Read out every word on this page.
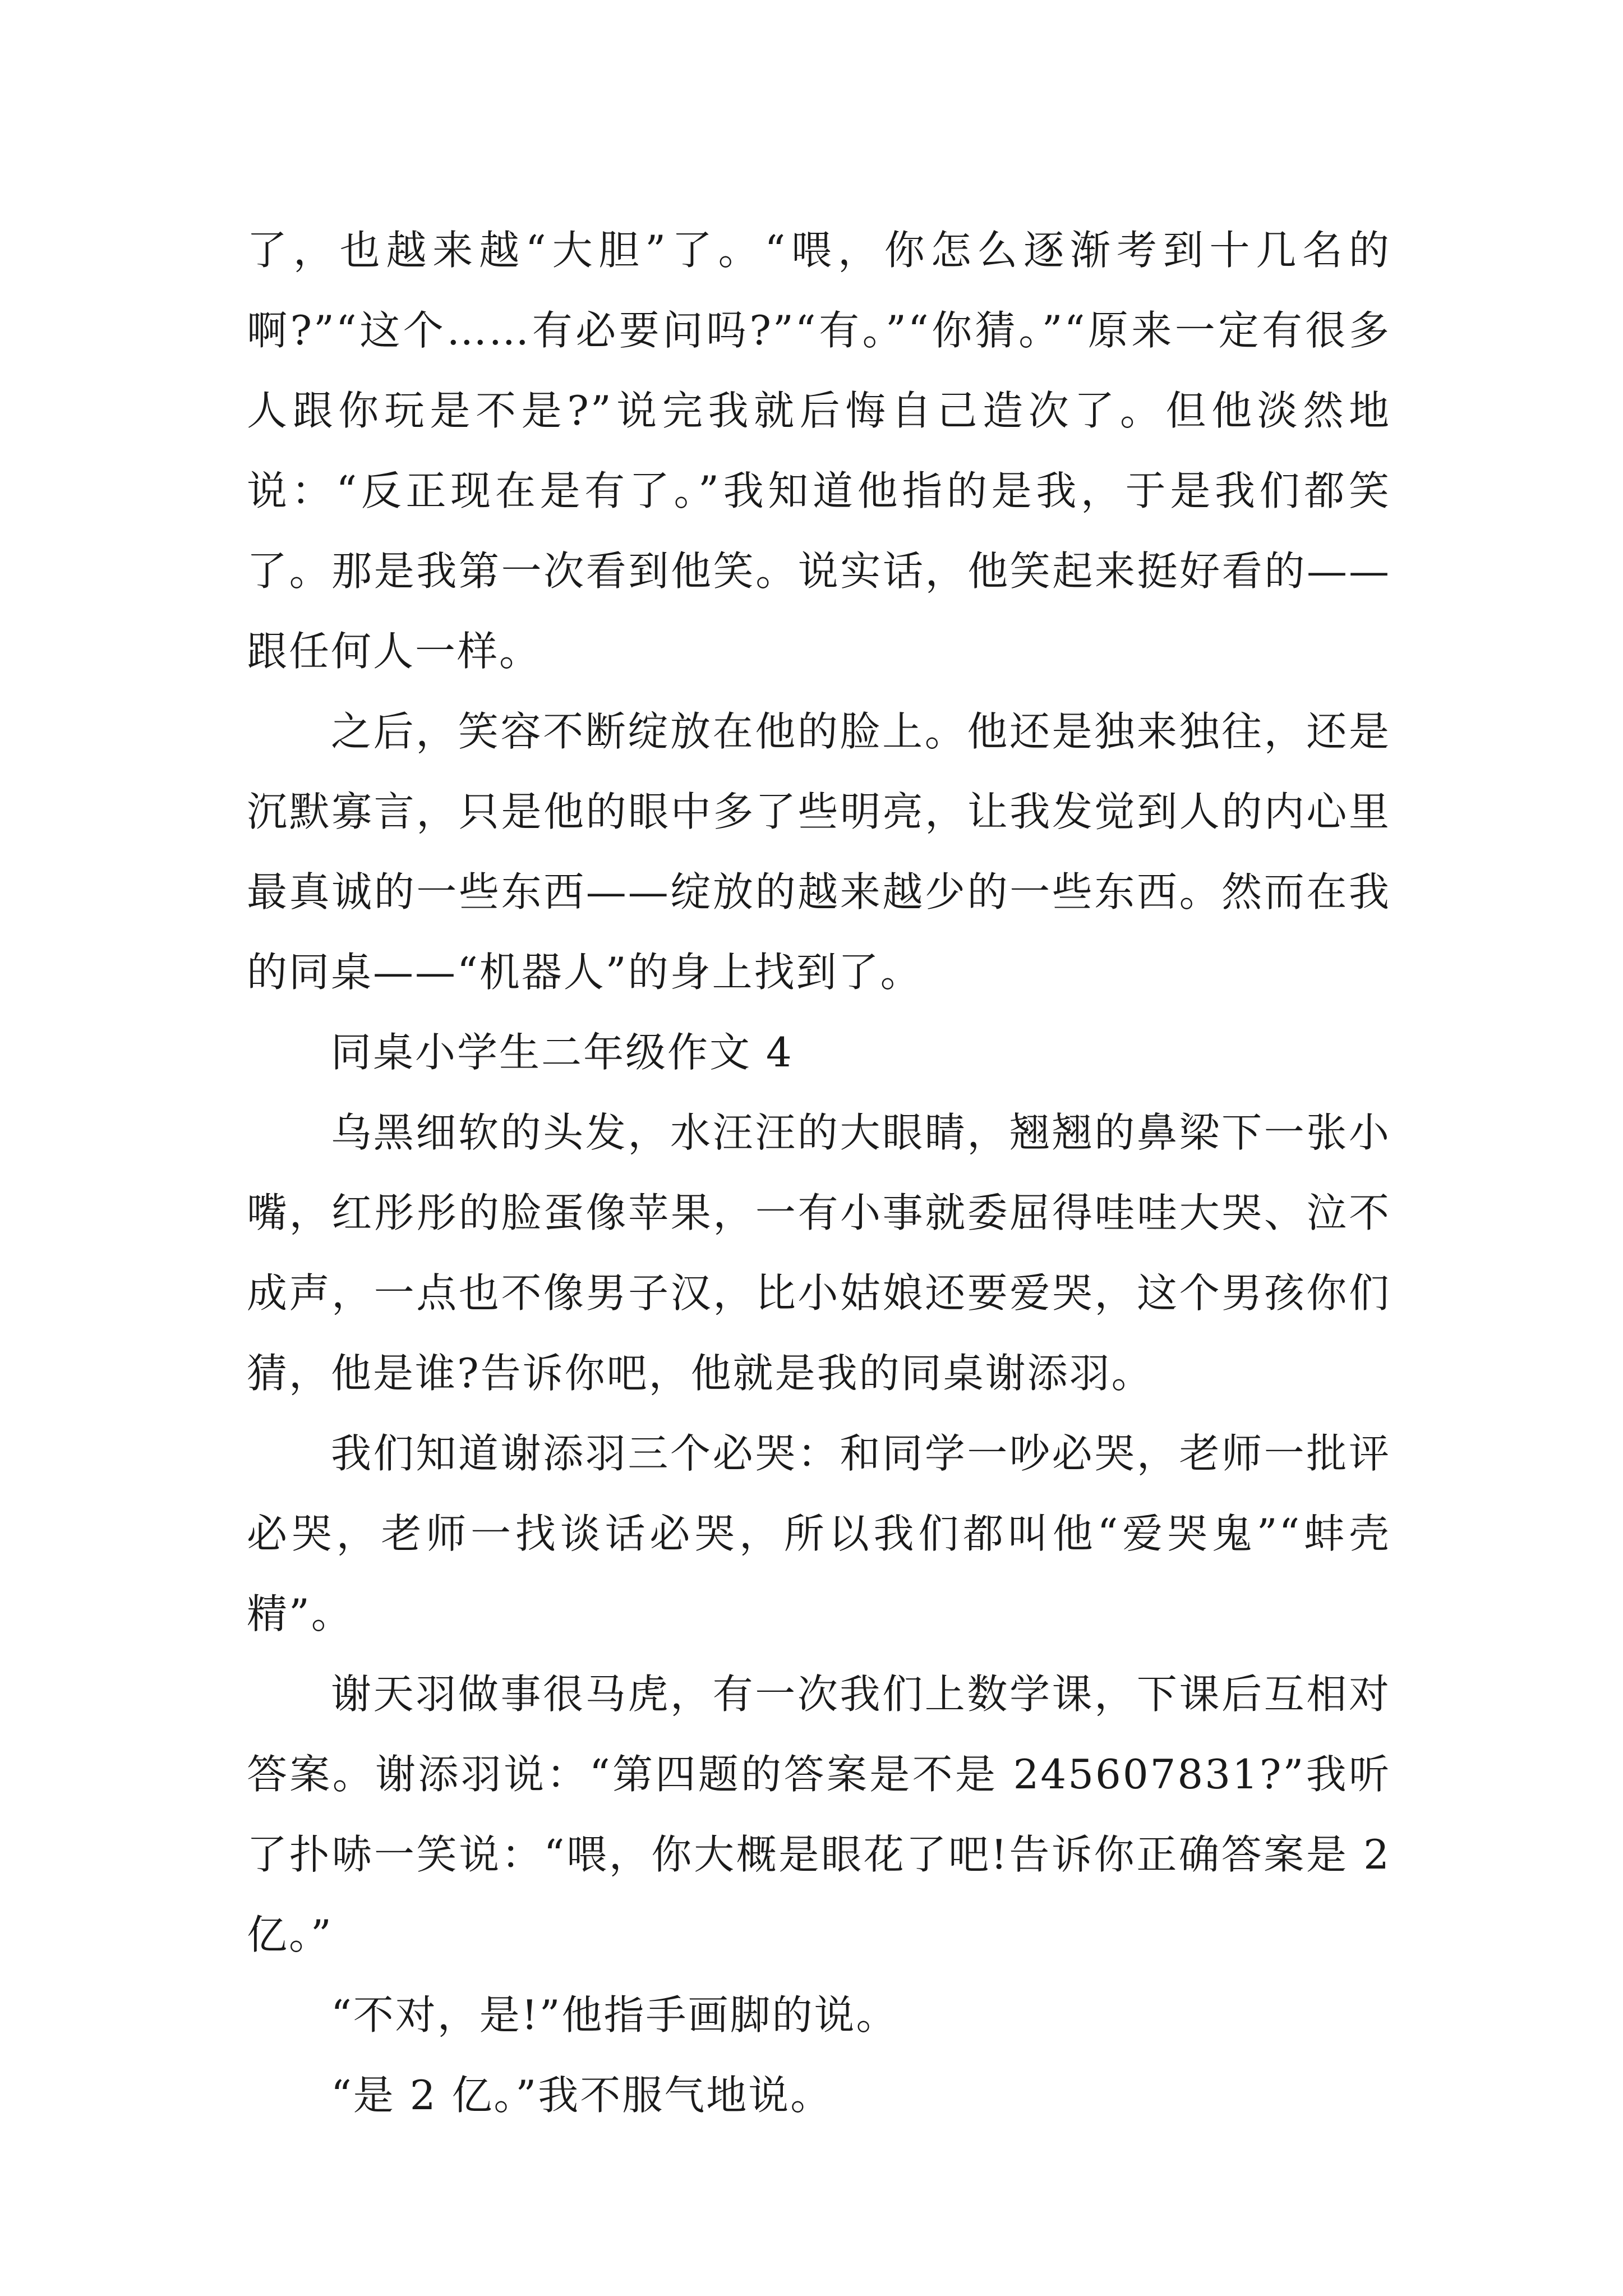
了，也越来越“大胆”了。“喂，你怎么逐渐考到十几名的啊?”“这个……有必要问吗?”“有。”“你猜。”“原来一定有很多人跟你玩是不是?”说完我就后悔自己造次了。但他淡然地说：“反正现在是有了。”我知道他指的是我，于是我们都笑了。那是我第一次看到他笑。说实话，他笑起来挺好看的——跟任何人一样。

之后，笑容不断绽放在他的脸上。他还是独来独往，还是沉默寡言，只是他的眼中多了些明亮，让我发觉到人的内心里最真诚的一些东西——绽放的越来越少的一些东西。然而在我的同桌——“机器人”的身上找到了。

同桌小学生二年级作文 4

乌黑细软的头发，水汪汪的大眼睛，翘翘的鼻梁下一张小嘴，红彤彤的脸蛋像苹果，一有小事就委屈得哇哇大哭、泣不成声，一点也不像男子汉，比小姑娘还要爱哭，这个男孩你们猜，他是谁?告诉你吧，他就是我的同桌谢添羽。

我们知道谢添羽三个必哭：和同学一吵必哭，老师一批评必哭，老师一找谈话必哭，所以我们都叫他“爱哭鬼”“蚌壳精”。

谢天羽做事很马虎，有一次我们上数学课，下课后互相对答案。谢添羽说：“第四题的答案是不是 245607831?”我听了扑哧一笑说：“喂，你大概是眼花了吧!告诉你正确答案是 2 亿。”

“不对，是!”他指手画脚的说。

“是 2 亿。”我不服气地说。
